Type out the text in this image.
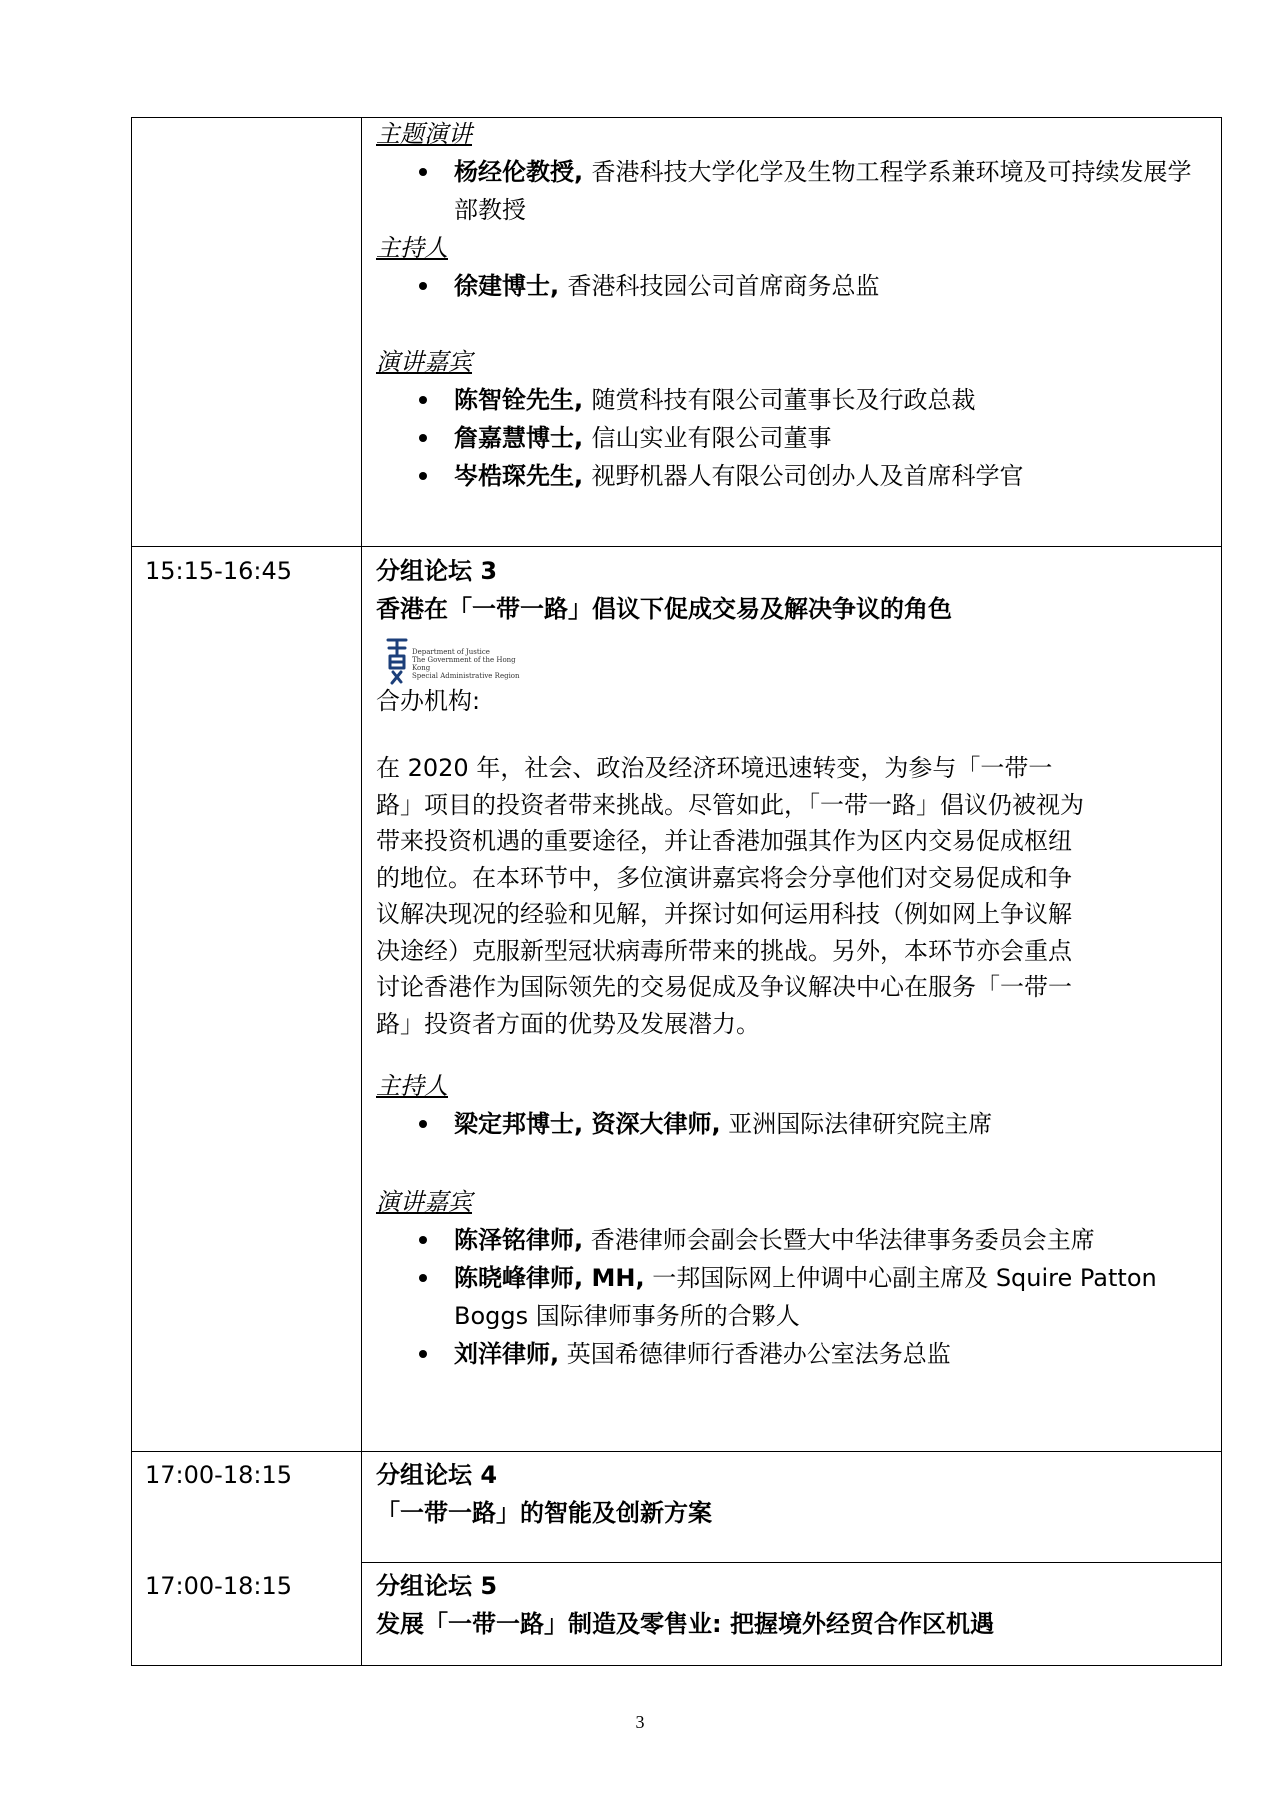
主题演讲

杨经伦教授, 香港科技大学化学及生物工程学系兼环境及可持续发展学部教授

主持人

徐建博士, 香港科技园公司首席商务总监

演讲嘉宾

陈智铨先生, 随赏科技有限公司董事长及行政总裁
詹嘉慧博士, 信山实业有限公司董事
岑梏琛先生, 视野机器人有限公司创办人及首席科学官
15:15-16:45	分组论坛 3

香港在「一带一路」倡议下促成交易及解决争议的角色

Department of Justice
The Government of the Hong Kong
Special Administrative Region

合办机构:

在 2020 年，社会、政治及经济环境迅速转变，为参与「一带一

路」项目的投资者带来挑战。尽管如此，「一带一路」倡议仍被视为

带来投资机遇的重要途径，并让香港加强其作为区内交易促成枢纽

的地位。在本环节中，多位演讲嘉宾将会分享他们对交易促成和争

议解决现况的经验和见解，并探讨如何运用科技（例如网上争议解

决途经）克服新型冠状病毒所带来的挑战。另外，本环节亦会重点

讨论香港作为国际领先的交易促成及争议解决中心在服务「一带一

路」投资者方面的优势及发展潜力。

主持人

梁定邦博士, 资深大律师, 亚洲国际法律研究院主席

演讲嘉宾

陈泽铭律师, 香港律师会副会长暨大中华法律事务委员会主席
陈晓峰律师, MH, 一邦国际网上仲调中心副主席及 Squire Patton Boggs 国际律师事务所的合夥人
刘洋律师, 英国希德律师行香港办公室法务总监
17:00-18:15	分组论坛 4

「一带一路」的智能及创新方案

17:00-18:15	分组论坛 5

发展「一带一路」制造及零售业: 把握境外经贸合作区机遇

3
